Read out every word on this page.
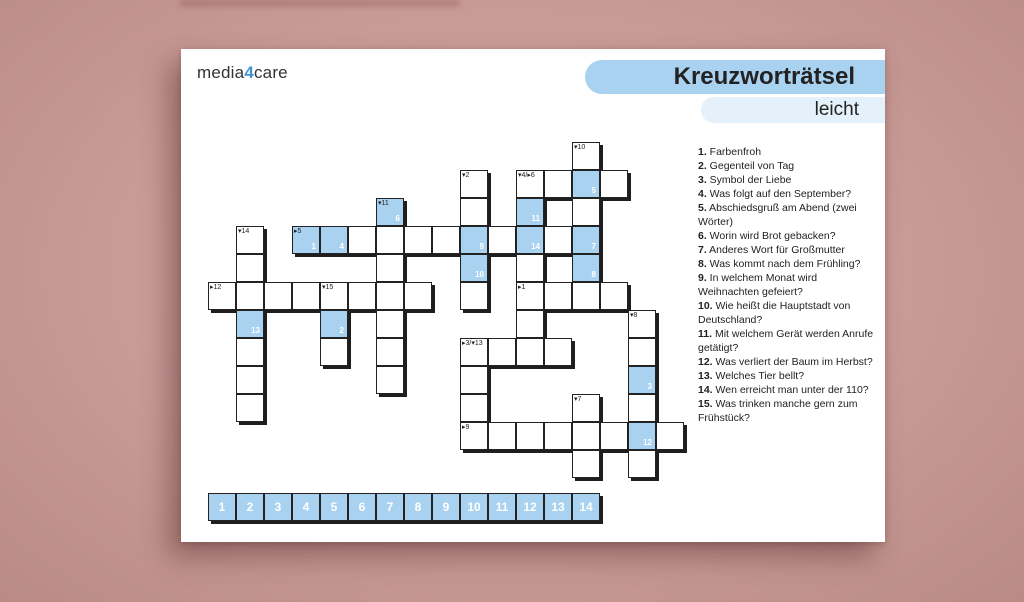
media4care	Kreuzworträtsel
leicht
▾10
▾2	▾4/▸6
5
▾11
6	11
▾14	▸5
1	4	9	14	7
10	8
▸12	▾15	▸1
13	2
▾8
▸3/▾13
3
▾7
▸9
12
1. Farbenfroh
2. Gegenteil von Tag
3. Symbol der Liebe
4. Was folgt auf den September?
5. Abschiedsgruß am Abend (zwei Wörter)
6. Worin wird Brot gebacken?
7. Anderes Wort für Großmutter
8. Was kommt nach dem Frühling?
9. In welchem Monat wird Weihnachten gefeiert?
10. Wie heißt die Hauptstadt von Deutschland?
11. Mit welchem Gerät werden Anrufe getätigt?
12. Was verliert der Baum im Herbst?
13. Welches Tier bellt?
14. Wen erreicht man unter der 110?
15. Was trinken manche gern zum Frühstück?
1	2	3	4	5	6	7	8	9	10	11	12	13	14
